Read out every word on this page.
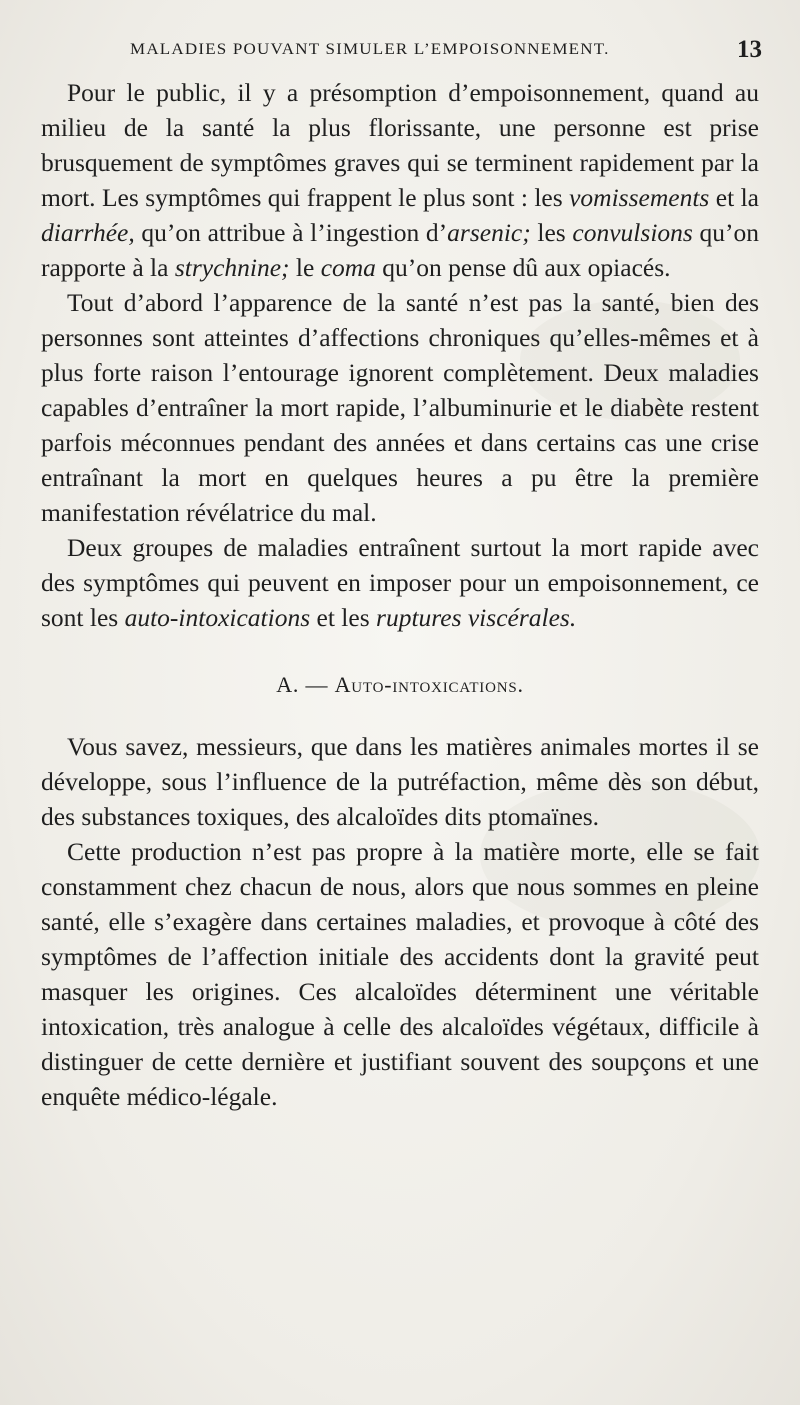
MALADIES POUVANT SIMULER L’EMPOISONNEMENT.	13

Pour le public, il y a présomption d’empoisonnement, quand au milieu de la santé la plus florissante, une personne est prise brusquement de symptômes graves qui se terminent rapidement par la mort. Les symptômes qui frappent le plus sont : les vomissements et la diarrhée, qu’on attribue à l’ingestion d’arsenic; les convulsions qu’on rapporte à la strychnine; le coma qu’on pense dû aux opiacés.

Tout d’abord l’apparence de la santé n’est pas la santé, bien des personnes sont atteintes d’affections chroniques qu’elles-mêmes et à plus forte raison l’entourage ignorent complètement. Deux maladies capables d’entraîner la mort rapide, l’albuminurie et le diabète restent parfois méconnues pendant des années et dans certains cas une crise entraînant la mort en quelques heures a pu être la première manifestation révélatrice du mal.

Deux groupes de maladies entraînent surtout la mort rapide avec des symptômes qui peuvent en imposer pour un empoisonnement, ce sont les auto-intoxications et les ruptures viscérales.

A. — Auto-intoxications.

Vous savez, messieurs, que dans les matières animales mortes il se développe, sous l’influence de la putréfaction, même dès son début, des substances toxiques, des alcaloïdes dits ptomaïnes.

Cette production n’est pas propre à la matière morte, elle se fait constamment chez chacun de nous, alors que nous sommes en pleine santé, elle s’exagère dans certaines maladies, et provoque à côté des symptômes de l’affection initiale des accidents dont la gravité peut masquer les origines. Ces alcaloïdes déterminent une véritable intoxication, très analogue à celle des alcaloïdes végétaux, difficile à distinguer de cette dernière et justifiant souvent des soupçons et une enquête médico-légale.
